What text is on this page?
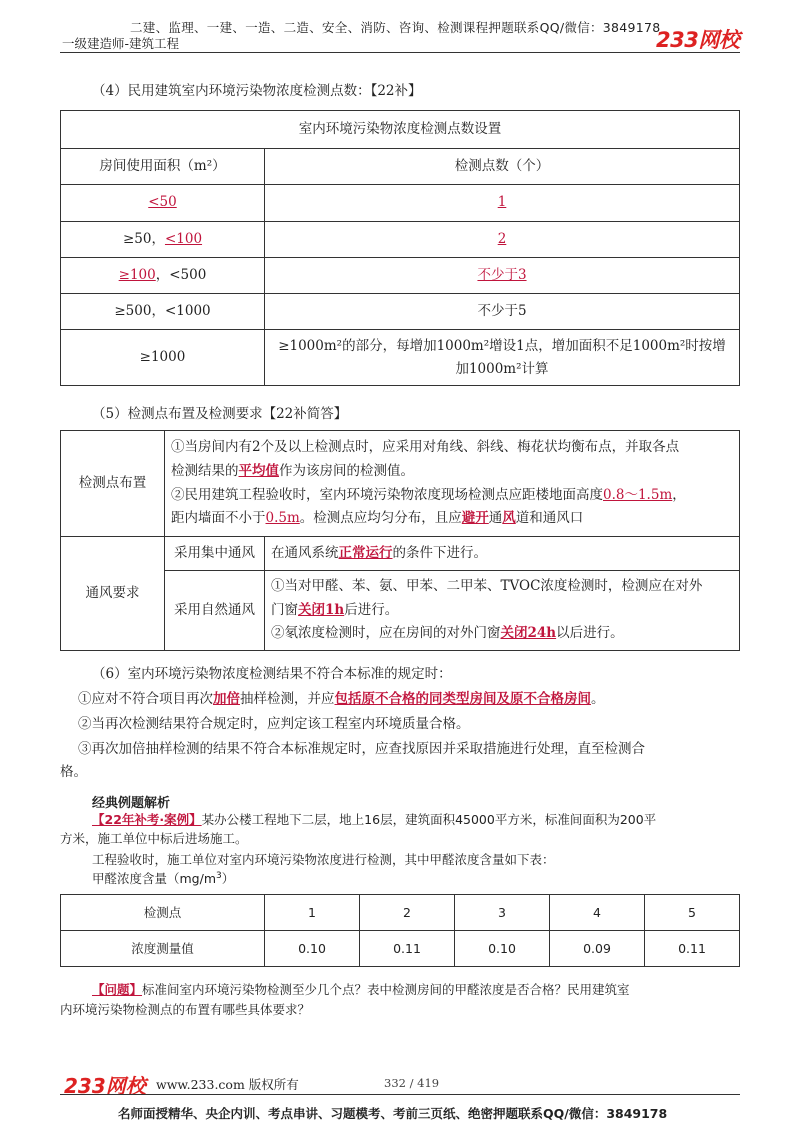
二建、监理、一建、一造、二造、安全、消防、咨询、检测课程押题联系QQ/微信：3849178
一级建造师-建筑工程	233网校
（4）民用建筑室内环境污染物浓度检测点数：【22补】
室内环境污染物浓度检测点数设置	
房间使用面积（m²）	检测点数（个）
<50	1
≥50，<100	2
≥100，<500	不少于3
≥500，<1000	不少于5
≥1000	≥1000m²的部分，每增加1000m²增设1点，增加面积不足1000m²时按增
加1000m²计算
（5）检测点布置及检测要求【22补简答】
检测点布置	①当房间内有2个及以上检测点时，应采用对角线、斜线、梅花状均衡布点，并取各点
检测结果的平均值作为该房间的检测值。
②民用建筑工程验收时，室内环境污染物浓度现场检测点应距楼地面高度0.8～1.5m，
距内墙面不小于0.5m。检测点应均匀分布，且应避开通风道和通风口	
通风要求	采用集中通风	在通风系统正常运行的条件下进行。
	采用自然通风	①当对甲醛、苯、氨、甲苯、二甲苯、TVOC浓度检测时，检测应在对外
门窗关闭1h后进行。
②氡浓度检测时，应在房间的对外门窗关闭24h以后进行。
（6）室内环境污染物浓度检测结果不符合本标准的规定时：
①应对不符合项目再次加倍抽样检测，并应包括原不合格的同类型房间及原不合格房间。
②当再次检测结果符合规定时，应判定该工程室内环境质量合格。
③再次加倍抽样检测的结果不符合本标准规定时，应查找原因并采取措施进行处理，直至检测合
格。
经典例题解析
【22年补考·案例】某办公楼工程地下二层，地上16层，建筑面积45000平方米，标准间面积为200平
方米，施工单位中标后进场施工。
工程验收时，施工单位对室内环境污染物浓度进行检测，其中甲醛浓度含量如下表：
甲醛浓度含量$(mg/m^3)$
检测点	1	2	3	4	5
浓度测量值	0.10	0.11	0.10	0.09	0.11
【问题】标准间室内环境污染物检测至少几个点？表中检测房间的甲醛浓度是否合格？民用建筑室
内环境污染物检测点的布置有哪些具体要求？
233网校 www.233.com 版权所有	332 / 419
名师面授精华、央企内训、考点串讲、习题模考、考前三页纸、绝密押题联系QQ/微信：3849178
